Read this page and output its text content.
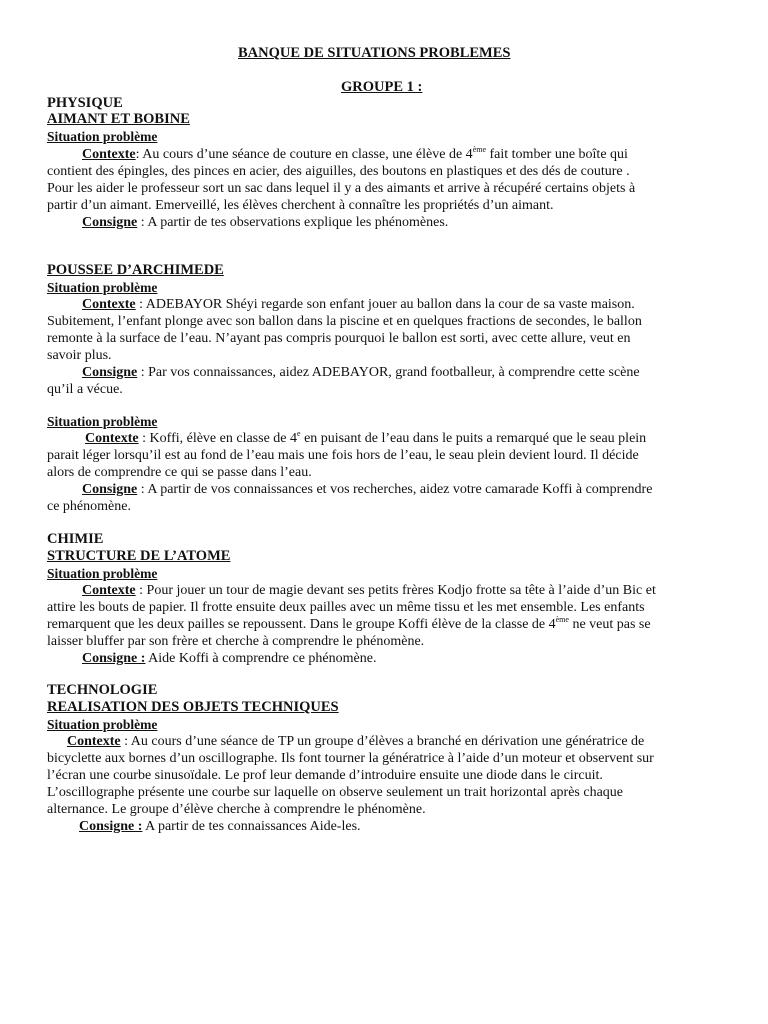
BANQUE DE SITUATIONS PROBLEMES
GROUPE 1 :
PHYSIQUE
AIMANT ET BOBINE
Situation problème
Contexte: Au cours d’une séance de couture en classe, une élève de 4ème fait tomber une boîte qui
contient des épingles, des pinces en acier, des aiguilles, des boutons en plastiques et des dés de couture .
Pour les aider le professeur sort un sac dans lequel il y a des aimants et arrive à récupéré certains objets à
partir d’un aimant. Emerveillé, les élèves cherchent à connaître les propriétés d’un aimant.
Consigne : A partir de tes observations explique les phénomènes.
POUSSEE D’ARCHIMEDE
Situation problème
Contexte : ADEBAYOR Shéyi regarde son enfant jouer au ballon dans la cour de sa vaste maison.
Subitement, l’enfant plonge avec son ballon dans la piscine et en quelques fractions de secondes, le ballon
remonte à la surface de l’eau. N’ayant pas compris pourquoi le ballon est sorti, avec cette allure, veut en
savoir plus.
Consigne : Par vos connaissances, aidez ADEBAYOR, grand footballeur, à comprendre cette scène
qu’il a vécue.
Situation problème
Contexte : Koffi, élève en classe de 4e en puisant de l’eau dans le puits a remarqué que le seau plein
parait léger lorsqu’il est au fond de l’eau mais une fois hors de l’eau, le seau plein devient lourd. Il décide
alors de comprendre ce qui se passe dans l’eau.
Consigne : A partir de vos connaissances et vos recherches, aidez votre camarade Koffi à comprendre
ce phénomène.
CHIMIE
STRUCTURE DE L’ATOME
Situation problème
Contexte : Pour jouer un tour de magie devant ses petits frères Kodjo frotte sa tête à l’aide d’un Bic et
attire les bouts de papier. Il frotte ensuite deux pailles avec un même tissu et les met ensemble. Les enfants
remarquent que les deux pailles se repoussent. Dans le groupe Koffi élève de la classe de 4ème ne veut pas se
laisser bluffer par son frère et cherche à comprendre le phénomène.
Consigne : Aide Koffi à comprendre ce phénomène.
TECHNOLOGIE
REALISATION DES OBJETS TECHNIQUES
Situation problème
Contexte : Au cours d’une séance de TP un groupe d’élèves a branché en dérivation une génératrice de
bicyclette aux bornes d’un oscillographe. Ils font tourner la génératrice à l’aide d’un moteur et observent sur
l’écran une courbe sinusoïdale. Le prof leur demande d’introduire ensuite une diode dans le circuit.
L’oscillographe présente une courbe sur laquelle on observe seulement un trait horizontal après chaque
alternance. Le groupe d’élève cherche à comprendre le phénomène.
Consigne : A partir de tes connaissances Aide-les.
